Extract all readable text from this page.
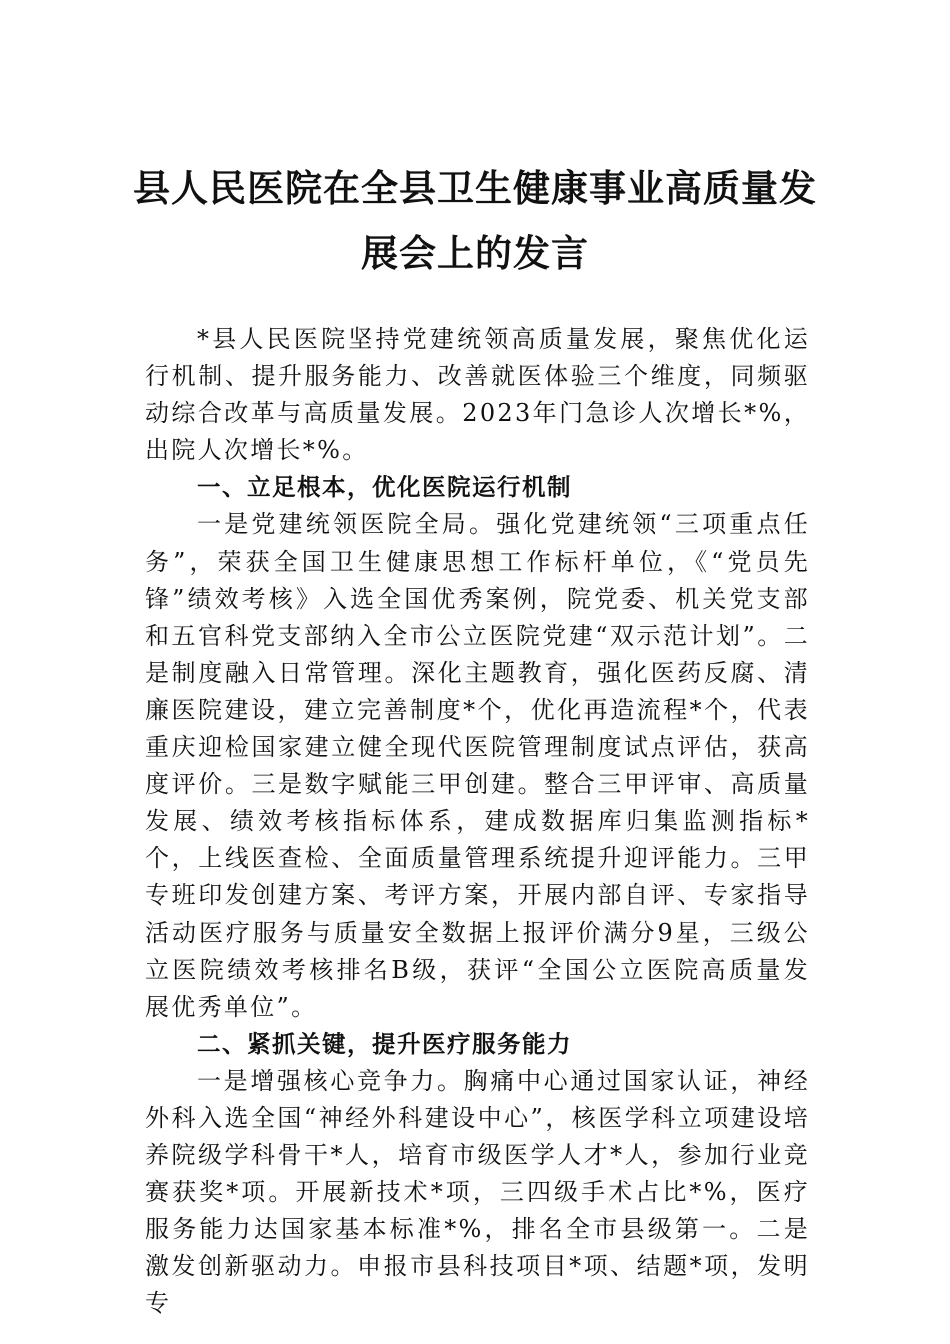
县人民医院在全县卫生健康事业高质量发
展会上的发言

*县人民医院坚持党建统领高质量发展，聚焦优化运行机制、提升服务能力、改善就医体验三个维度，同频驱动综合改革与高质量发展。2023年门急诊人次增长*%，出院人次增长*%。

一、立足根本，优化医院运行机制

一是党建统领医院全局。强化党建统领“三项重点任务”，荣获全国卫生健康思想工作标杆单位，《“党员先锋”绩效考核》入选全国优秀案例，院党委、机关党支部和五官科党支部纳入全市公立医院党建“双示范计划”。二是制度融入日常管理。深化主题教育，强化医药反腐、清廉医院建设，建立完善制度*个，优化再造流程*个，代表重庆迎检国家建立健全现代医院管理制度试点评估，获高度评价。三是数字赋能三甲创建。整合三甲评审、高质量发展、绩效考核指标体系，建成数据库归集监测指标*个，上线医查检、全面质量管理系统提升迎评能力。三甲专班印发创建方案、考评方案，开展内部自评、专家指导活动医疗服务与质量安全数据上报评价满分9星，三级公立医院绩效考核排名B级，获评“全国公立医院高质量发展优秀单位”。

二、紧抓关键，提升医疗服务能力

一是增强核心竞争力。胸痛中心通过国家认证，神经外科入选全国“神经外科建设中心”，核医学科立项建设培养院级学科骨干*人，培育市级医学人才*人，参加行业竞赛获奖*项。开展新技术*项，三四级手术占比*%，医疗服务能力达国家基本标准*%，排名全市县级第一。二是激发创新驱动力。申报市县科技项目*项、结题*项，发明专
